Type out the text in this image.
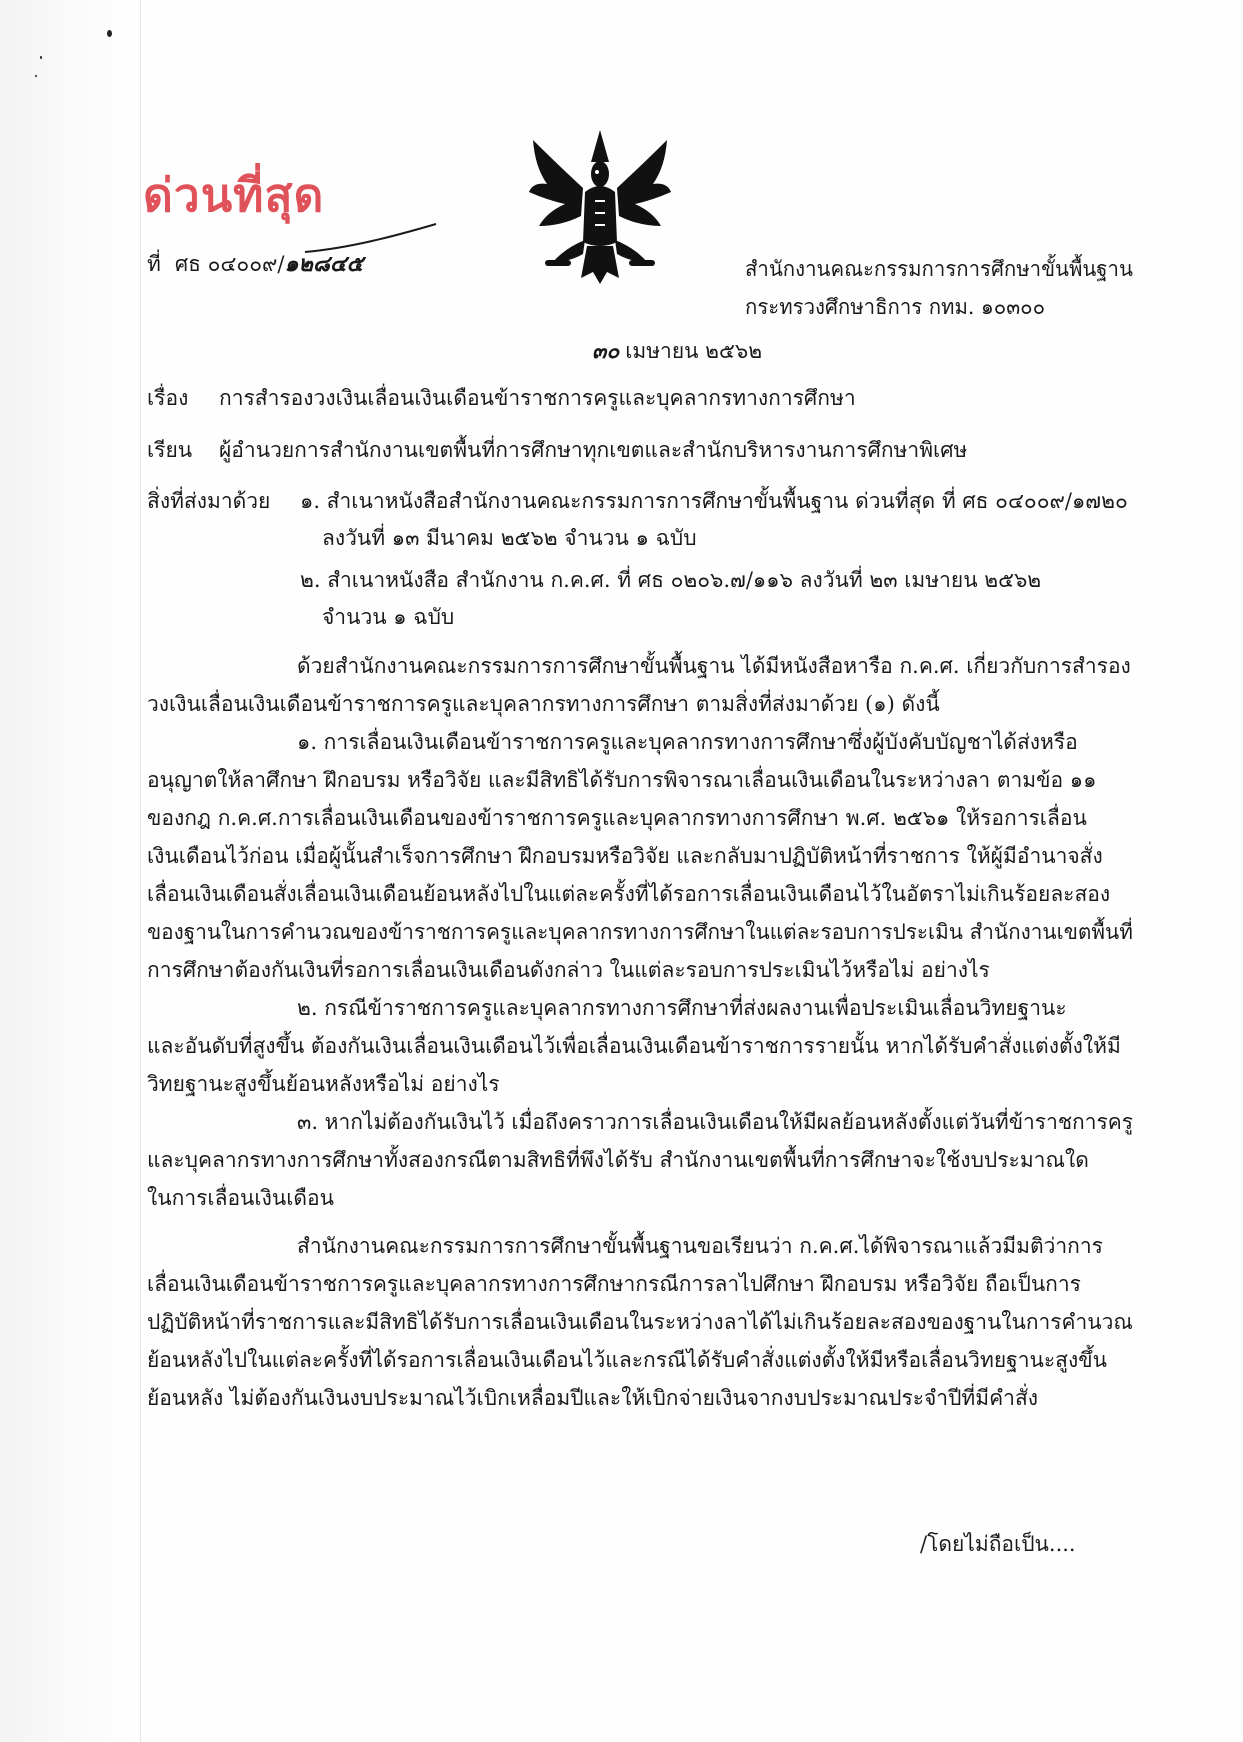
ด่วนที่สุด
ที่ ศธ ๐๔๐๐๙/๑๒๘๔๕	สำนักงานคณะกรรมการการศึกษาขั้นพื้นฐาน
กระทรวงศึกษาธิการ กทม. ๑๐๓๐๐
๓๐ เมษายน ๒๕๖๒
เรื่อง การสำรองวงเงินเลื่อนเงินเดือนข้าราชการครูและบุคลากรทางการศึกษา
เรียน ผู้อำนวยการสำนักงานเขตพื้นที่การศึกษาทุกเขตและสำนักบริหารงานการศึกษาพิเศษ
สิ่งที่ส่งมาด้วย ๑. สำเนาหนังสือสำนักงานคณะกรรมการการศึกษาขั้นพื้นฐาน ด่วนที่สุด ที่ ศธ ๐๔๐๐๙/๑๗๒๐
ลงวันที่ ๑๓ มีนาคม ๒๕๖๒ จำนวน ๑ ฉบับ
๒. สำเนาหนังสือ สำนักงาน ก.ค.ศ. ที่ ศธ ๐๒๐๖.๗/๑๑๖ ลงวันที่ ๒๓ เมษายน ๒๕๖๒
จำนวน ๑ ฉบับ
ด้วยสำนักงานคณะกรรมการการศึกษาขั้นพื้นฐาน ได้มีหนังสือหารือ ก.ค.ศ. เกี่ยวกับการสำรอง
วงเงินเลื่อนเงินเดือนข้าราชการครูและบุคลากรทางการศึกษา ตามสิ่งที่ส่งมาด้วย (๑) ดังนี้
๑. การเลื่อนเงินเดือนข้าราชการครูและบุคลากรทางการศึกษาซึ่งผู้บังคับบัญชาได้ส่งหรือ
อนุญาตให้ลาศึกษา ฝึกอบรม หรือวิจัย และมีสิทธิได้รับการพิจารณาเลื่อนเงินเดือนในระหว่างลา ตามข้อ ๑๑
ของกฎ ก.ค.ศ.การเลื่อนเงินเดือนของข้าราชการครูและบุคลากรทางการศึกษา พ.ศ. ๒๕๖๑ ให้รอการเลื่อน
เงินเดือนไว้ก่อน เมื่อผู้นั้นสำเร็จการศึกษา ฝึกอบรมหรือวิจัย และกลับมาปฏิบัติหน้าที่ราชการ ให้ผู้มีอำนาจสั่ง
เลื่อนเงินเดือนสั่งเลื่อนเงินเดือนย้อนหลังไปในแต่ละครั้งที่ได้รอการเลื่อนเงินเดือนไว้ในอัตราไม่เกินร้อยละสอง
ของฐานในการคำนวณของข้าราชการครูและบุคลากรทางการศึกษาในแต่ละรอบการประเมิน สำนักงานเขตพื้นที่
การศึกษาต้องกันเงินที่รอการเลื่อนเงินเดือนดังกล่าว ในแต่ละรอบการประเมินไว้หรือไม่ อย่างไร
๒. กรณีข้าราชการครูและบุคลากรทางการศึกษาที่ส่งผลงานเพื่อประเมินเลื่อนวิทยฐานะ
และอันดับที่สูงขึ้น ต้องกันเงินเลื่อนเงินเดือนไว้เพื่อเลื่อนเงินเดือนข้าราชการรายนั้น หากได้รับคำสั่งแต่งตั้งให้มี
วิทยฐานะสูงขึ้นย้อนหลังหรือไม่ อย่างไร
๓. หากไม่ต้องกันเงินไว้ เมื่อถึงคราวการเลื่อนเงินเดือนให้มีผลย้อนหลังตั้งแต่วันที่ข้าราชการครู
และบุคลากรทางการศึกษาทั้งสองกรณีตามสิทธิที่พึงได้รับ สำนักงานเขตพื้นที่การศึกษาจะใช้งบประมาณใด
ในการเลื่อนเงินเดือน
สำนักงานคณะกรรมการการศึกษาขั้นพื้นฐานขอเรียนว่า ก.ค.ศ.ได้พิจารณาแล้วมีมติว่าการ
เลื่อนเงินเดือนข้าราชการครูและบุคลากรทางการศึกษากรณีการลาไปศึกษา ฝึกอบรม หรือวิจัย ถือเป็นการ
ปฏิบัติหน้าที่ราชการและมีสิทธิได้รับการเลื่อนเงินเดือนในระหว่างลาได้ไม่เกินร้อยละสองของฐานในการคำนวณ
ย้อนหลังไปในแต่ละครั้งที่ได้รอการเลื่อนเงินเดือนไว้และกรณีได้รับคำสั่งแต่งตั้งให้มีหรือเลื่อนวิทยฐานะสูงขึ้น
ย้อนหลัง ไม่ต้องกันเงินงบประมาณไว้เบิกเหลื่อมปีและให้เบิกจ่ายเงินจากงบประมาณประจำปีที่มีคำสั่ง
/โดยไม่ถือเป็น....
